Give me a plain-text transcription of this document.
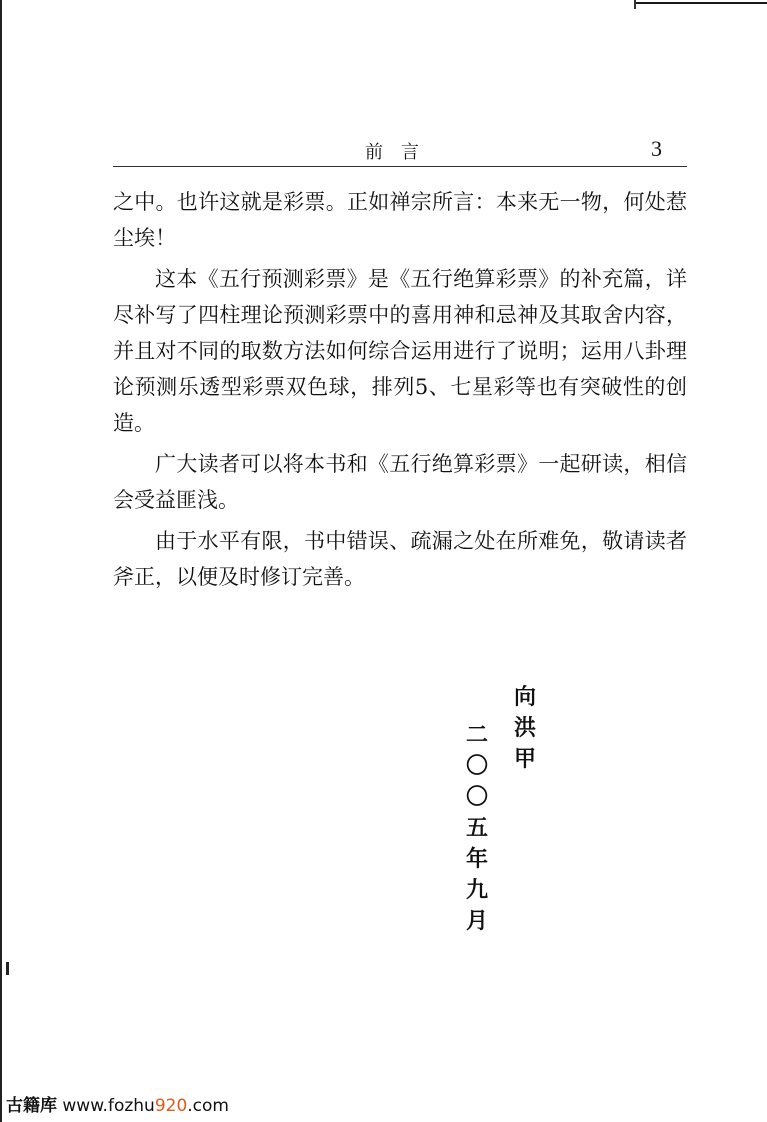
前言	3

之中。也许这就是彩票。正如禅宗所言：本来无一物，何处惹尘埃！

这本《五行预测彩票》是《五行绝算彩票》的补充篇，详尽补写了四柱理论预测彩票中的喜用神和忌神及其取舍内容，并且对不同的取数方法如何综合运用进行了说明；运用八卦理论预测乐透型彩票双色球，排列5、七星彩等也有突破性的创造。

广大读者可以将本书和《五行绝算彩票》一起研读，相信会受益匪浅。

由于水平有限，书中错误、疏漏之处在所难免，敬请读者斧正，以便及时修订完善。

向洪甲
二〇〇五年九月
古籍库 www.fozhu920.com
